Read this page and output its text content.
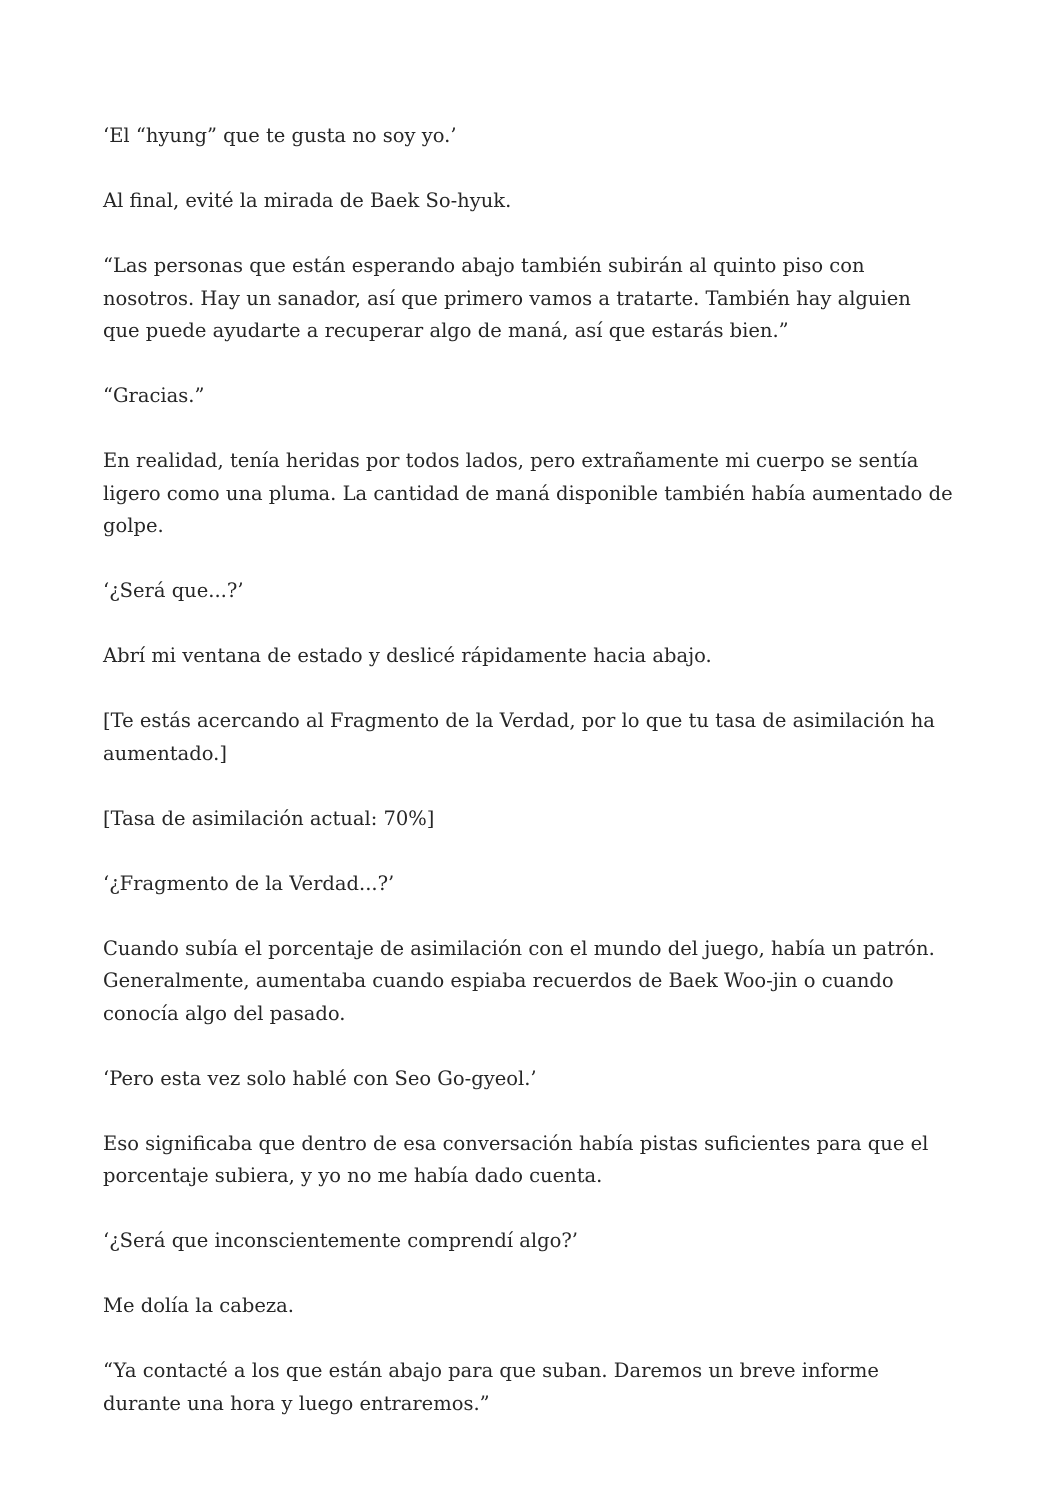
‘El “hyung” que te gusta no soy yo.’

Al final, evité la mirada de Baek So-hyuk.

“Las personas que están esperando abajo también subirán al quinto piso con nosotros. Hay un sanador, así que primero vamos a tratarte. También hay alguien que puede ayudarte a recuperar algo de maná, así que estarás bien.”

“Gracias.”

En realidad, tenía heridas por todos lados, pero extrañamente mi cuerpo se sentía ligero como una pluma. La cantidad de maná disponible también había aumentado de golpe.

‘¿Será que...?’

Abrí mi ventana de estado y deslicé rápidamente hacia abajo.

[Te estás acercando al Fragmento de la Verdad, por lo que tu tasa de asimilación ha aumentado.]

[Tasa de asimilación actual: 70%]

‘¿Fragmento de la Verdad...?’

Cuando subía el porcentaje de asimilación con el mundo del juego, había un patrón. Generalmente, aumentaba cuando espiaba recuerdos de Baek Woo-jin o cuando conocía algo del pasado.

‘Pero esta vez solo hablé con Seo Go-gyeol.’

Eso significaba que dentro de esa conversación había pistas suficientes para que el porcentaje subiera, y yo no me había dado cuenta.

‘¿Será que inconscientemente comprendí algo?’

Me dolía la cabeza.

“Ya contacté a los que están abajo para que suban. Daremos un breve informe durante una hora y luego entraremos.”
